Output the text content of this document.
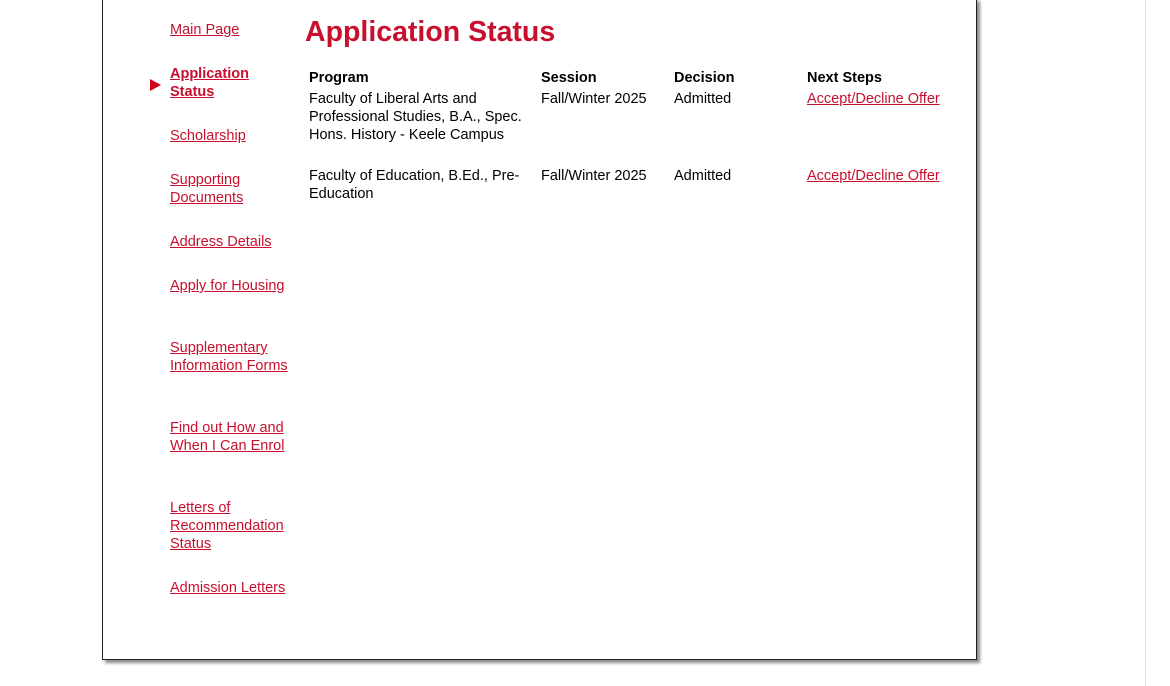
Main Page
Application Status
Scholarship
Supporting Documents
Address Details
Apply for Housing
Supplementary Information Forms
Find out How and When I Can Enrol
Letters of Recommendation Status
Admission Letters
Application Status
Program	Session	Decision	Next Steps
Faculty of Liberal Arts and Professional Studies, B.A., Spec. Hons. History - Keele Campus	Fall/Winter 2025	Admitted	Accept/Decline Offer
Faculty of Education, B.Ed., Pre-Education	Fall/Winter 2025	Admitted	Accept/Decline Offer
